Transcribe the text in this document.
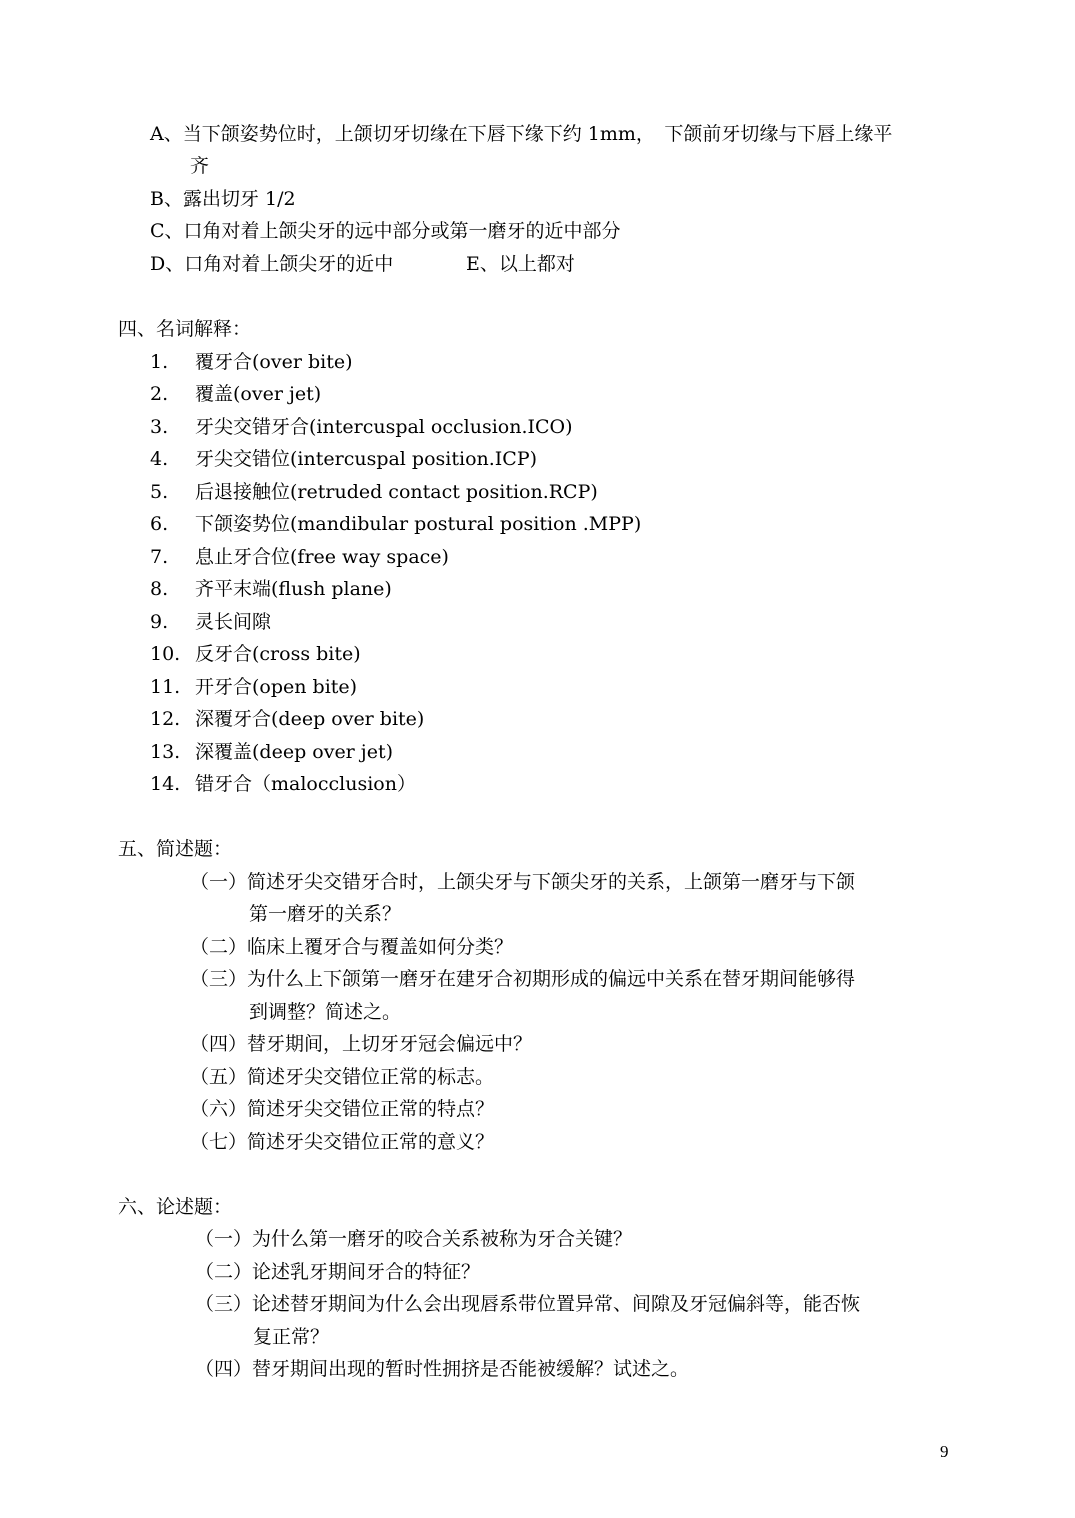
A、当下颌姿势位时，上颌切牙切缘在下唇下缘下约 1mm，　下颌前牙切缘与下唇上缘平
齐
B、露出切牙 1/2
C、口角对着上颌尖牙的远中部分或第一磨牙的近中部分
D、口角对着上颌尖牙的近中	E、以上都对
四、名词解释：
1. 覆牙合(over bite)
2. 覆盖(over jet)
3. 牙尖交错牙合(intercuspal occlusion.ICO)
4. 牙尖交错位(intercuspal position.ICP)
5. 后退接触位(retruded contact position.RCP)
6. 下颌姿势位(mandibular postural position .MPP)
7. 息止牙合位(free way space)
8. 齐平末端(flush plane)
9. 灵长间隙
10. 反牙合(cross bite)
11. 开牙合(open bite)
12. 深覆牙合(deep over bite)
13. 深覆盖(deep over jet)
14. 错牙合（malocclusion）
五、简述题：
（一）简述牙尖交错牙合时，上颌尖牙与下颌尖牙的关系，上颌第一磨牙与下颌
第一磨牙的关系？
（二）临床上覆牙合与覆盖如何分类？
（三）为什么上下颌第一磨牙在建牙合初期形成的偏远中关系在替牙期间能够得
到调整？简述之。
（四）替牙期间，上切牙牙冠会偏远中？
（五）简述牙尖交错位正常的标志。
（六）简述牙尖交错位正常的特点？
（七）简述牙尖交错位正常的意义？
六、论述题：
（一）为什么第一磨牙的咬合关系被称为牙合关键？
（二）论述乳牙期间牙合的特征？
（三）论述替牙期间为什么会出现唇系带位置异常、间隙及牙冠偏斜等，能否恢
复正常？
（四）替牙期间出现的暂时性拥挤是否能被缓解？试述之。
9
